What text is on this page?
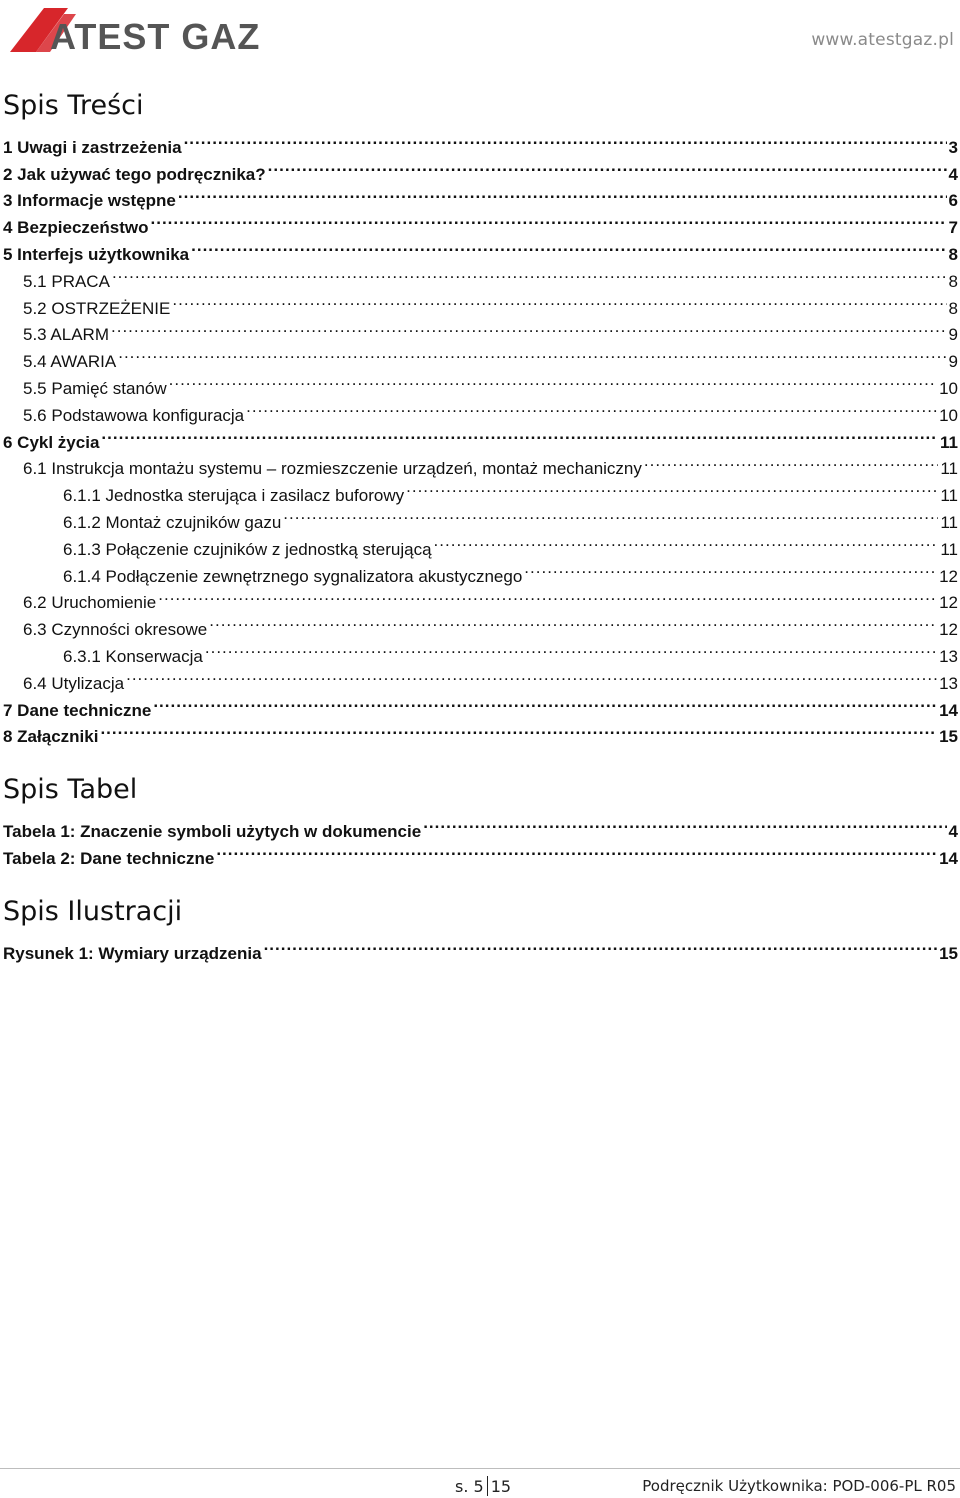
ATEST GAZ	www.atestgaz.pl
Spis Treści
1 Uwagi i zastrzeżenia .....	3
2 Jak używać tego podręcznika? .....	4
3 Informacje wstępne .....	6
4 Bezpieczeństwo .....	7
5 Interfejs użytkownika .....	8
5.1 PRACA .....	8
5.2 OSTRZEŻENIE .....	8
5.3 ALARM .....	9
5.4 AWARIA .....	9
5.5 Pamięć stanów .....	10
5.6 Podstawowa konfiguracja .....	10
6 Cykl życia .....	11
6.1 Instrukcja montażu systemu – rozmieszczenie urządzeń, montaż mechaniczny .....	11
6.1.1 Jednostka sterująca i zasilacz buforowy .....	11
6.1.2 Montaż czujników gazu .....	11
6.1.3 Połączenie czujników z jednostką sterującą .....	11
6.1.4 Podłączenie zewnętrznego sygnalizatora akustycznego .....	12
6.2 Uruchomienie .....	12
6.3 Czynności okresowe .....	12
6.3.1 Konserwacja .....	13
6.4 Utylizacja .....	13
7 Dane techniczne .....	14
8 Załączniki .....	15
Spis Tabel
Tabela 1: Znaczenie symboli użytych w dokumencie .....	4
Tabela 2: Dane techniczne .....	14
Spis Ilustracji
Rysunek 1: Wymiary urządzenia .....	15
s. 5 15	Podręcznik Użytkownika: POD-006-PL R05
